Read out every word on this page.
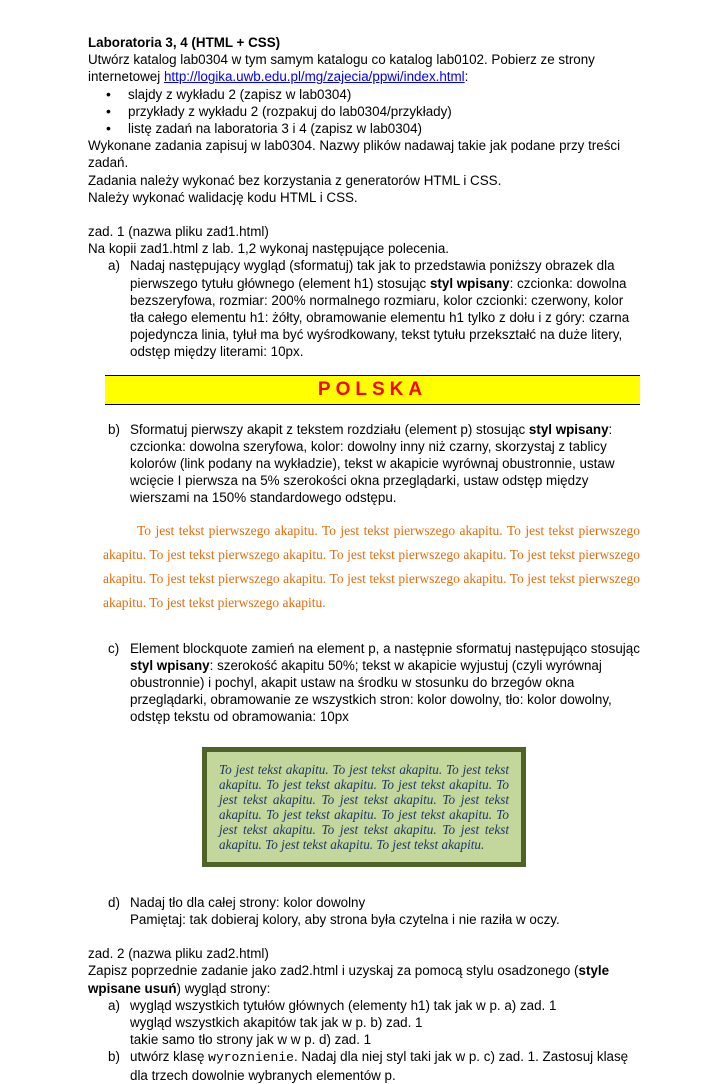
Laboratoria 3, 4 (HTML + CSS)

Utwórz katalog lab0304 w tym samym katalogu co katalog lab0102. Pobierz ze strony internetowej http://logika.uwb.edu.pl/mg/zajecia/ppwi/index.html:

• slajdy z wykładu 2 (zapisz w lab0304)
• przykłady z wykładu 2 (rozpakuj do lab0304/przykłady)
• listę zadań na laboratoria 3 i 4 (zapisz w lab0304)

Wykonane zadania zapisuj w lab0304. Nazwy plików nadawaj takie jak podane przy treści zadań.

Zadania należy wykonać bez korzystania z generatorów HTML i CSS.

Należy wykonać walidację kodu HTML i CSS.

zad. 1 (nazwa pliku zad1.html)

Na kopii zad1.html z lab. 1,2 wykonaj następujące polecenia.

a) Nadaj następujący wygląd (sformatuj) tak jak to przedstawia poniższy obrazek dla pierwszego tytułu głównego (element h1) stosując styl wpisany: czcionka: dowolna bezszeryfowa, rozmiar: 200% normalnego rozmiaru, kolor czcionki: czerwony, kolor tła całego elementu h1: żółty, obramowanie elementu h1 tylko z dołu i z góry: czarna pojedyncza linia, tyłuł ma być wyśrodkowany, tekst tytułu przekształć na duże litery, odstęp między literami: 10px.
POLSKA
b) Sformatuj pierwszy akapit z tekstem rozdziału (element p) stosując styl wpisany: czcionka: dowolna szeryfowa, kolor: dowolny inny niż czarny, skorzystaj z tablicy kolorów (link podany na wykładzie), tekst w akapicie wyrównaj obustronnie, ustaw wcięcie I pierwsza na 5% szerokości okna przeglądarki, ustaw odstęp między wierszami na 150% standardowego odstępu.

To jest tekst pierwszego akapitu. To jest tekst pierwszego akapitu. To jest tekst pierwszego akapitu. To jest tekst pierwszego akapitu. To jest tekst pierwszego akapitu. To jest tekst pierwszego akapitu. To jest tekst pierwszego akapitu. To jest tekst pierwszego akapitu. To jest tekst pierwszego akapitu. To jest tekst pierwszego akapitu.

c) Element blockquote zamień na element p, a następnie sformatuj następująco stosując styl wpisany: szerokość akapitu 50%; tekst w akapicie wyjustuj (czyli wyrównaj obustronnie) i pochyl, akapit ustaw na środku w stosunku do brzegów okna przeglądarki, obramowanie ze wszystkich stron: kolor dowolny, tło: kolor dowolny, odstęp tekstu od obramowania: 10px
To jest tekst akapitu. To jest tekst akapitu. To jest tekst akapitu. To jest tekst akapitu. To jest tekst akapitu. To jest tekst akapitu. To jest tekst akapitu. To jest tekst akapitu. To jest tekst akapitu. To jest tekst akapitu. To jest tekst akapitu. To jest tekst akapitu. To jest tekst akapitu. To jest tekst akapitu. To jest tekst akapitu.
d) Nadaj tło dla całej strony: kolor dowolny
Pamiętaj: tak dobieraj kolory, aby strona była czytelna i nie raziła w oczy.

zad. 2 (nazwa pliku zad2.html)

Zapisz poprzednie zadanie jako zad2.html i uzyskaj za pomocą stylu osadzonego (style wpisane usuń) wygląd strony:

a) wygląd wszystkich tytułów głównych (elementy h1) tak jak w p. a) zad. 1
wygląd wszystkich akapitów tak jak w p. b) zad. 1
takie samo tło strony jak w w p. d) zad. 1
b) utwórz klasę wyroznienie. Nadaj dla niej styl taki jak w p. c) zad. 1. Zastosuj klasę dla trzech dowolnie wybranych elementów p.
